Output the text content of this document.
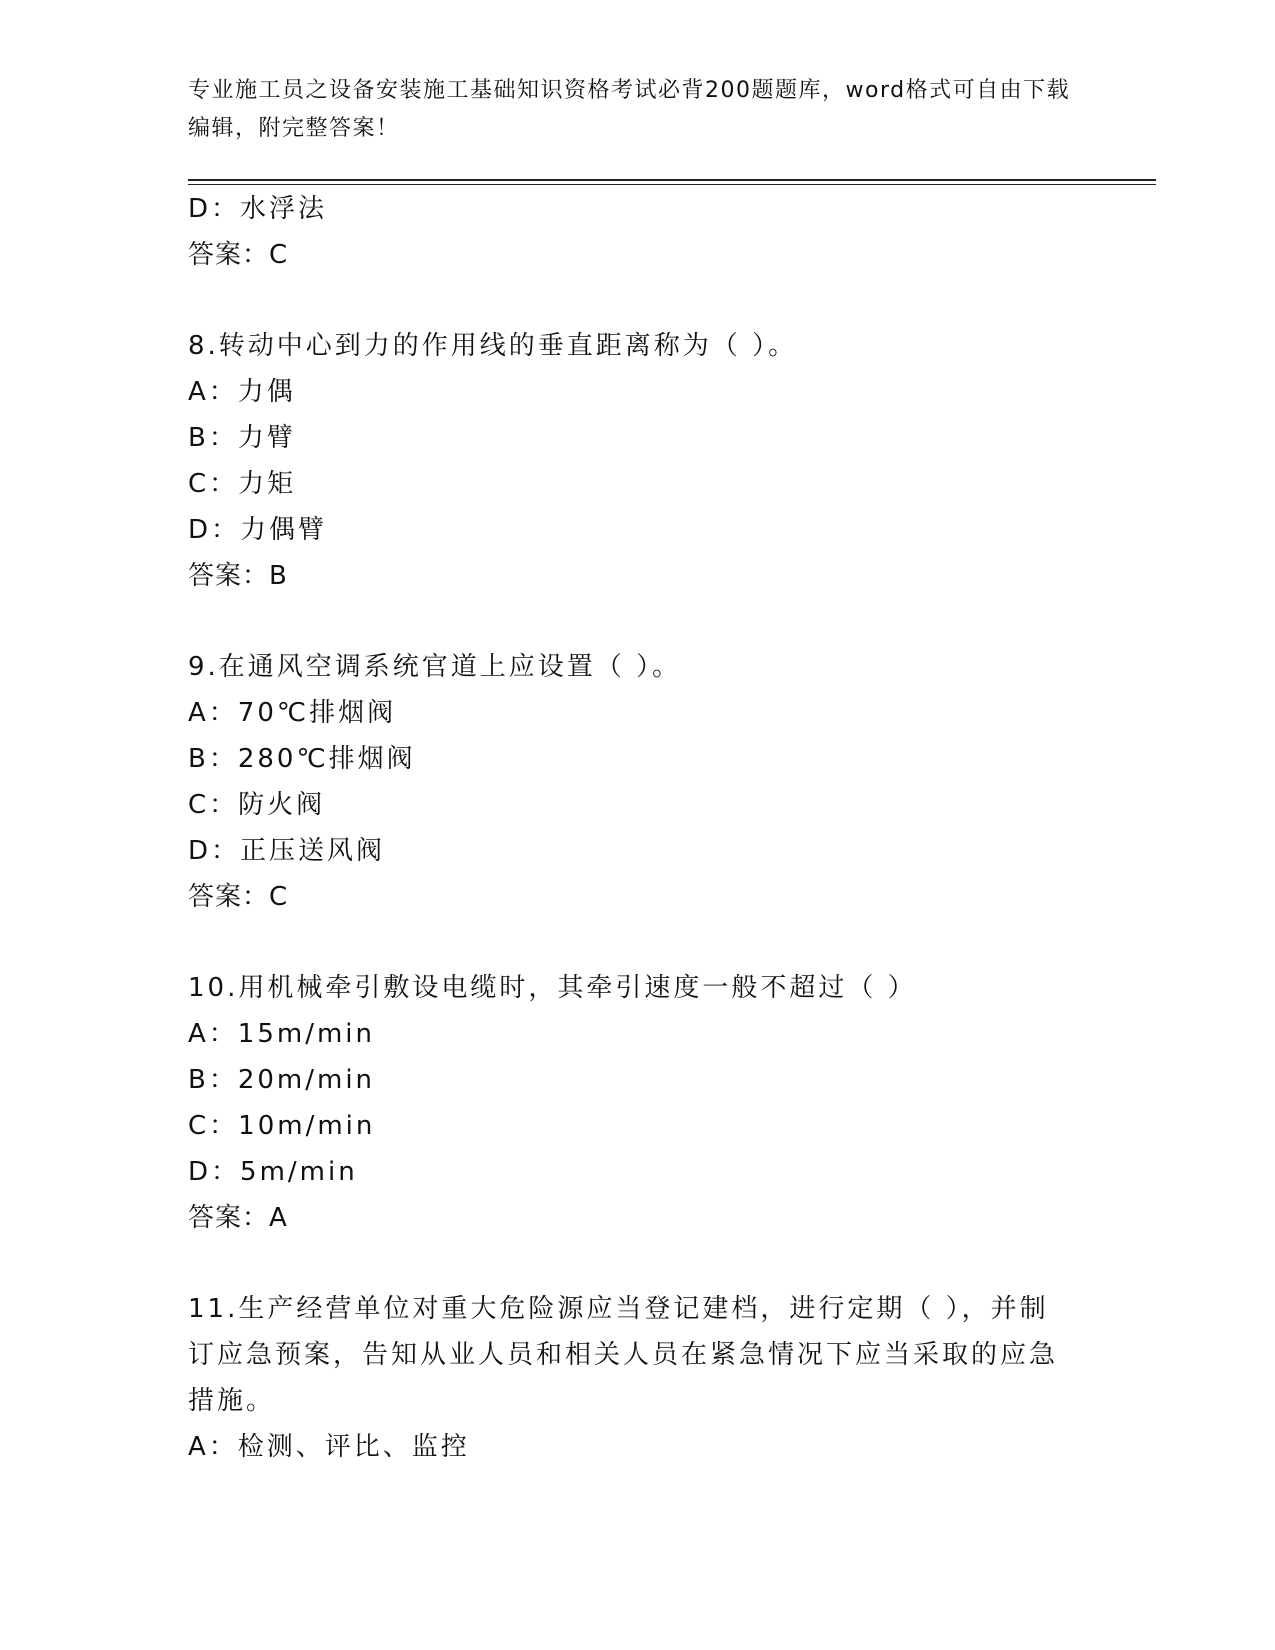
专业施工员之设备安装施工基础知识资格考试必背200题题库，word格式可自由下载编辑，附完整答案！
D：水浮法
答案：C
8.转动中心到力的作用线的垂直距离称为（ ）。
A：力偶
B：力臂
C：力矩
D：力偶臂
答案：B
9.在通风空调系统官道上应设置（ ）。
A：70℃排烟阀
B：280℃排烟阀
C：防火阀
D：正压送风阀
答案：C
10.用机械牵引敷设电缆时，其牵引速度一般不超过（ ）
A：15m/min
B：20m/min
C：10m/min
D：5m/min
答案：A
11.生产经营单位对重大危险源应当登记建档，进行定期（ ），并制订应急预案，告知从业人员和相关人员在紧急情况下应当采取的应急措施。
A：检测、评比、监控
